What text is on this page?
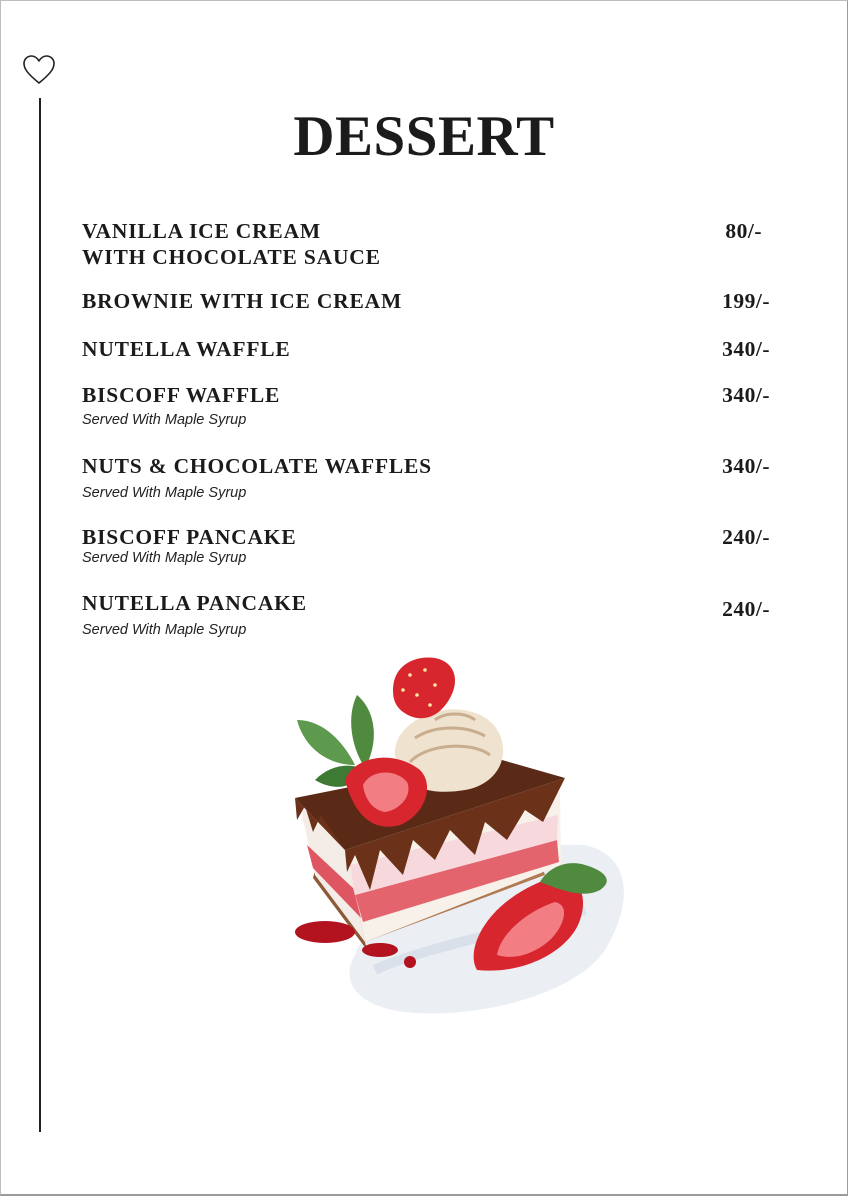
DESSERT
VANILLA ICE CREAM
WITH CHOCOLATE SAUCE
80/-
BROWNIE WITH ICE CREAM	199/-
NUTELLA WAFFLE	340/-
BISCOFF WAFFLE	340/-
Served With Maple Syrup
NUTS & CHOCOLATE WAFFLES	340/-
Served With Maple Syrup
BISCOFF PANCAKE	240/-
Served With Maple Syrup
NUTELLA PANCAKE	240/-
Served With Maple Syrup
